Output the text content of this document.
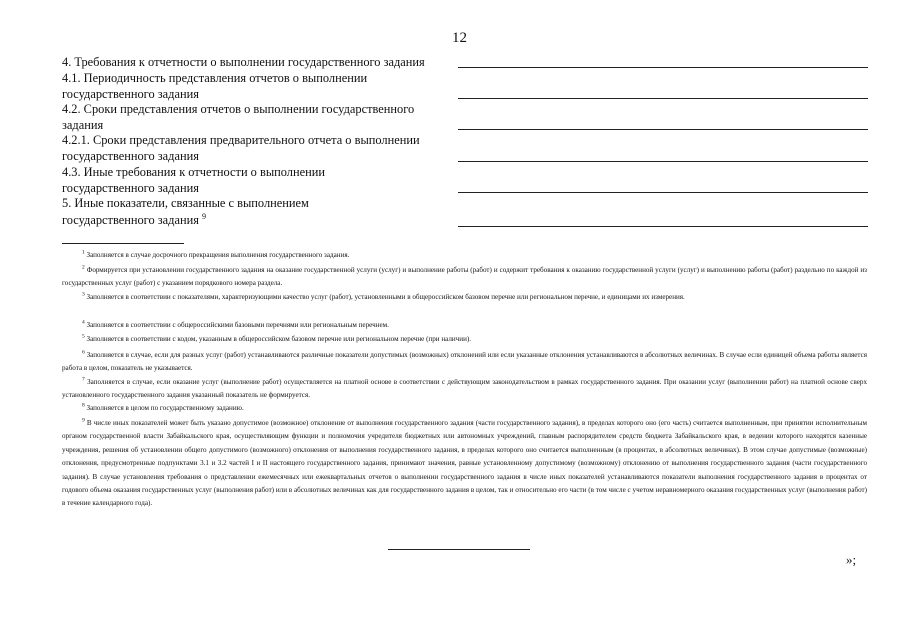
12
4. Требования к отчетности о выполнении государственного задания
4.1. Периодичность представления отчетов о выполнении
государственного задания
4.2. Сроки представления отчетов о выполнении государственного
задания
4.2.1. Сроки представления предварительного отчета о выполнении
государственного задания
4.3. Иные требования к отчетности о выполнении
государственного задания
5. Иные показатели, связанные с выполнением
государственного задания $^9$
$^1$ Заполняется в случае досрочного прекращения выполнения государственного задания.
$^2$ Формируется при установлении государственного задания на оказание государственной услуги (услуг) и выполнение работы (работ) и содержит требования к оказанию государственной услуги (услуг) и выполнению работы (работ) раздельно по каждой из государственных услуг (работ) с указанием порядкового номера раздела.
$^3$ Заполняется в соответствии с показателями, характеризующими качество услуг (работ), установленными в общероссийском базовом перечне или региональном перечне, и единицами их измерения.
$^4$ Заполняется в соответствии с общероссийскими базовыми перечнями или региональным перечнем.
$^5$ Заполняется в соответствии с кодом, указанным в общероссийском базовом перечне или региональном перечне (при наличии).
$^6$ Заполняется в случае, если для разных услуг (работ) устанавливаются различные показатели допустимых (возможных) отклонений или если указанные отклонения устанавливаются в абсолютных величинах. В случае если единицей объема работы является работа в целом, показатель не указывается.
$^7$ Заполняется в случае, если оказание услуг (выполнение работ) осуществляется на платной основе в соответствии с действующим законодательством в рамках государственного задания. При оказании услуг (выполнении работ) на платной основе сверх установленного государственного задания указанный показатель не формируется.
$^8$ Заполняется в целом по государственному заданию.
$^9$ В числе иных показателей может быть указано допустимое (возможное) отклонение от выполнения государственного задания (части государственного задания), в пределах которого оно (его часть) считается выполненным, при принятии исполнительным органом государственной власти Забайкальского края, осуществляющим функции и полномочия учредителя бюджетных или автономных учреждений, главным распорядителем средств бюджета Забайкальского края, в ведении которого находятся казенные учреждения, решения об установлении общего допустимого (возможного) отклонения от выполнения государственного задания, в пределах которого оно считается выполненным (в процентах, в абсолютных величинах). В этом случае допустимые (возможные) отклонения, предусмотренные подпунктами 3.1 и 3.2 частей I и II настоящего государственного задания, принимают значения, равные установленному допустимому (возможному) отклонению от выполнения государственного задания (части государственного задания). В случае установления требования о представлении ежемесячных или ежеквартальных отчетов о выполнении государственного задания в числе иных показателей устанавливаются показатели выполнения государственного задания в процентах от годового объема оказания государственных услуг (выполнения работ) или в абсолютных величинах как для государственного задания в целом, так и относительно его части (в том числе с учетом неравномерного оказания государственных услуг (выполнения работ) в течение календарного года).
»;
